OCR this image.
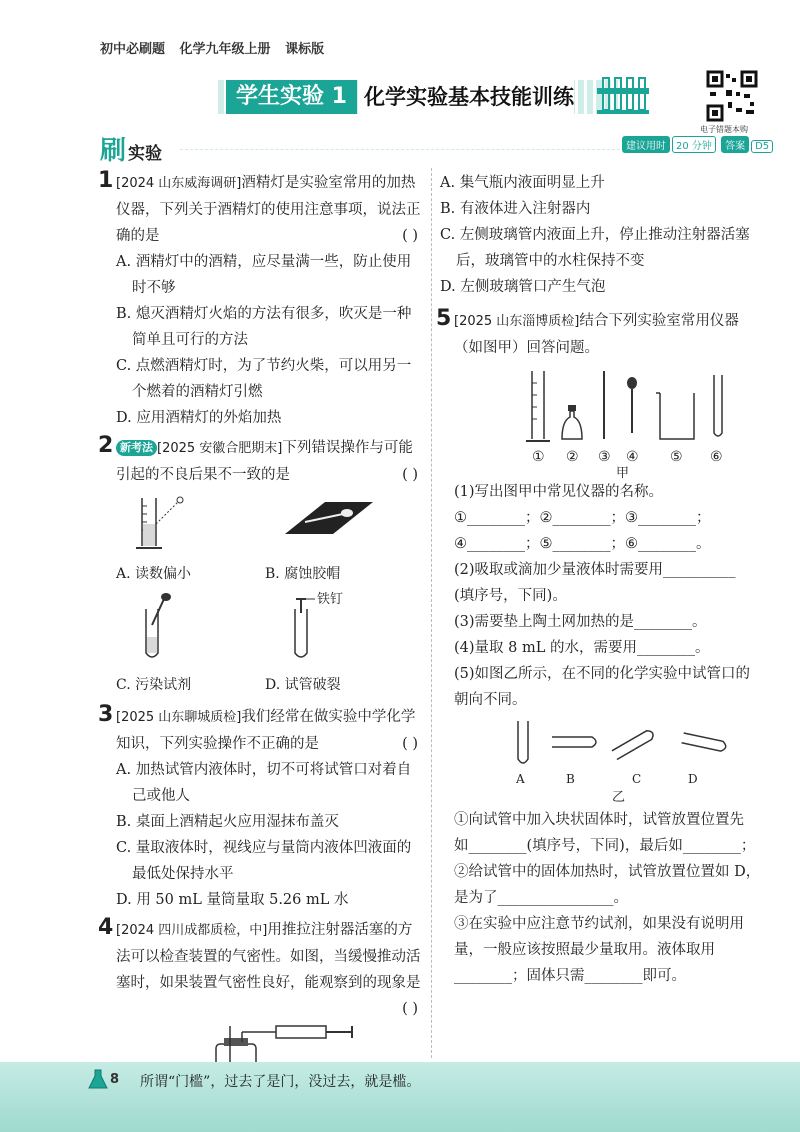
初中必刷题 化学九年级上册 课标版
学生实验 1 化学实验基本技能训练
电子错题本购
刷实验	建议用时 20 分钟 答案 D5
1 [2024 山东威海调研]酒精灯是实验室常用的加热仪器，下列关于酒精灯的使用注意事项，说法正确的是	( )
A. 酒精灯中的酒精，应尽量满一些，防止使用时不够
B. 熄灭酒精灯火焰的方法有很多，吹灭是一种简单且可行的方法
C. 点燃酒精灯时，为了节约火柴，可以用另一个燃着的酒精灯引燃
D. 应用酒精灯的外焰加热
2 新考法 [2025 安徽合肥期末]下列错误操作与可能引起的不良后果不一致的是	( )
A. 读数偏小	B. 腐蚀胶帽
C. 污染试剂
铁钉
D. 试管破裂
3 [2025 山东聊城质检]我们经常在做实验中学化学知识，下列实验操作不正确的是	( )
A. 加热试管内液体时，切不可将试管口对着自己或他人
B. 桌面上酒精起火应用湿抹布盖灭
C. 量取液体时，视线应与量筒内液体凹液面的最低处保持水平
D. 用 50 mL 量筒量取 5.26 mL 水
4 [2024 四川成都质检，中]用推拉注射器活塞的方法可以检查装置的气密性。如图，当缓慢推动活塞时，如果装置气密性良好，能观察到的现象是
( )
A. 集气瓶内液面明显上升
B. 有液体进入注射器内
C. 左侧玻璃管内液面上升，停止推动注射器活塞后，玻璃管中的水柱保持不变
D. 左侧玻璃管口产生气泡
5 [2025 山东淄博质检]结合下列实验室常用仪器（如图甲）回答问题。
① ② ③ ④ ⑤ ⑥
甲
(1)写出图甲中常见仪器的名称。
①________；②________；③________；
④________；⑤________；⑥________。
(2)吸取或滴加少量液体时需要用__________
(填序号，下同)。
(3)需要垫上陶土网加热的是________。
(4)量取 8 mL 的水，需要用________。
(5)如图乙所示，在不同的化学实验中试管口的朝向不同。
A	B	C	D
乙
①向试管中加入块状固体时，试管放置位置先
如________(填序号，下同)，最后如________；
②给试管中的固体加热时，试管放置位置如 D，
是为了________________。
③在实验中应注意节约试剂，如果没有说明用
量，一般应该按照最少量取用。液体取用
________；固体只需________即可。
8 所谓“门槛”，过去了是门，没过去，就是槛。
